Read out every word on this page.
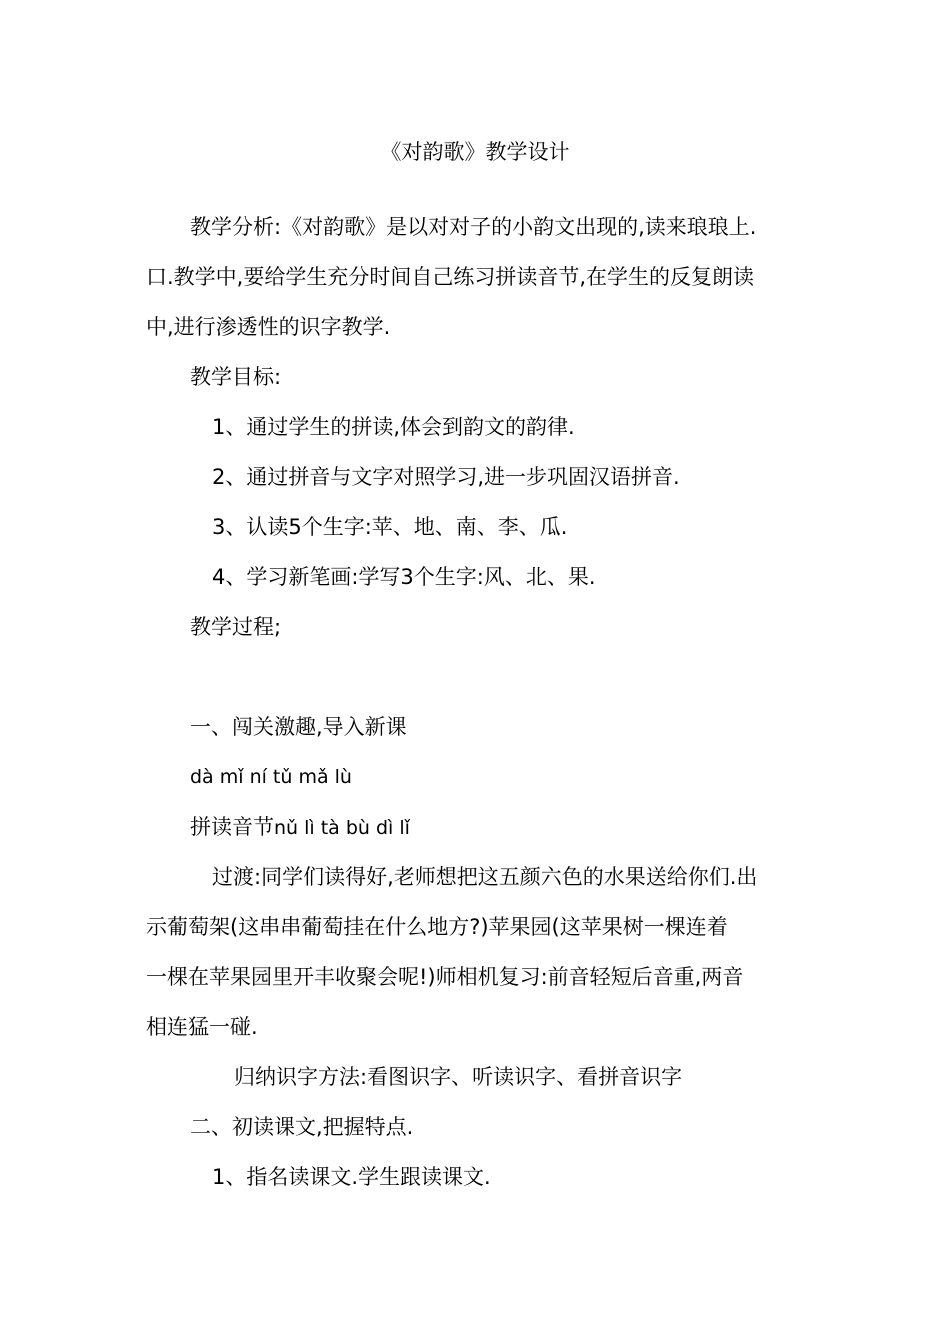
《对韵歌》教学设计
教学分析:《对韵歌》是以对对子的小韵文出现的,读来琅琅上.
口.教学中,要给学生充分时间自己练习拼读音节,在学生的反复朗读
中,进行渗透性的识字教学.
教学目标:
1、通过学生的拼读,体会到韵文的韵律.
2、通过拼音与文字对照学习,进一步巩固汉语拼音.
3、认读5个生字:苹、地、南、李、瓜.
4、学习新笔画:学写3个生字:风、北、果.
教学过程;
一、闯关激趣,导入新课
dà mǐ ní tǔ mǎ lù
拼读音节nǔ lì tà bù dì lǐ
过渡:同学们读得好,老师想把这五颜六色的水果送给你们.出
示葡萄架(这串串葡萄挂在什么地方?)苹果园(这苹果树一棵连着
一棵在苹果园里开丰收聚会呢!)师相机复习:前音轻短后音重,两音
相连猛一碰.
归纳识字方法:看图识字、听读识字、看拼音识字
二、初读课文,把握特点.
1、指名读课文.学生跟读课文.
